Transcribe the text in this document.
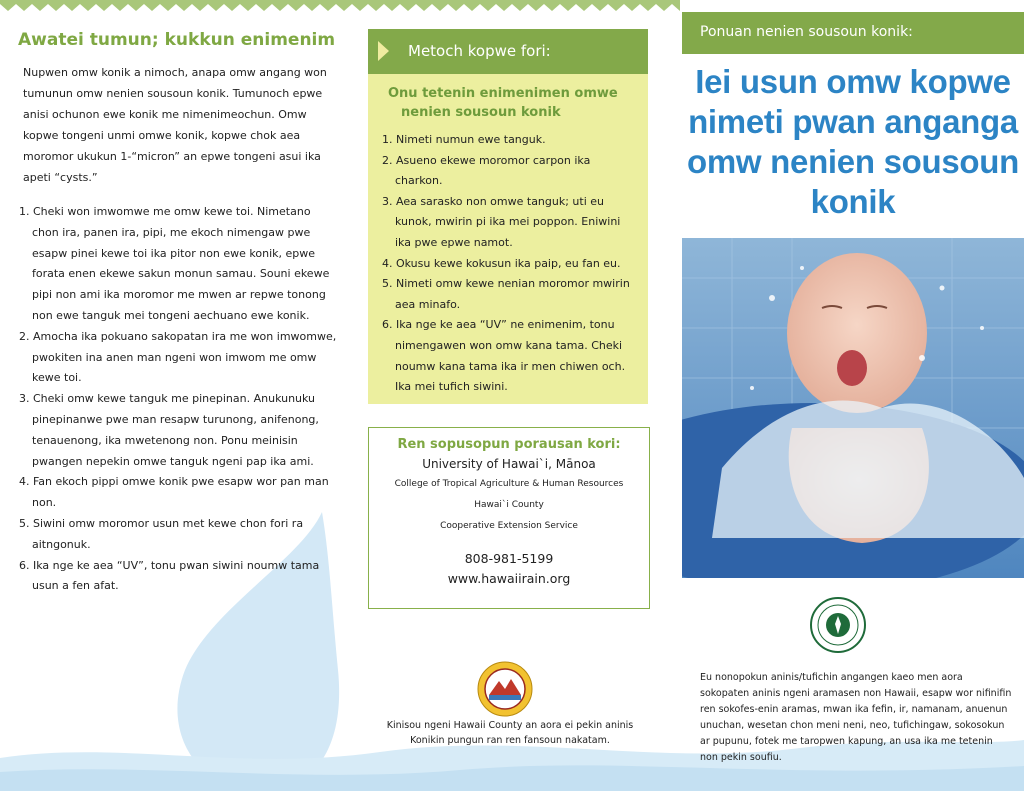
Awatei tumun; kukkun enimenim

Nupwen omw konik a nimoch, anapa omw angang won tumunun omw nenien sousoun konik. Tumunoch epwe anisi ochunon ewe konik me nimenimeochun. Omw kopwe tongeni unmi omwe konik, kopwe chok aea moromor ukukun 1-“micron” an epwe tongeni asui ika apeti “cysts.”

1. Cheki won imwomwe me omw kewe toi. Nimetano chon ira, panen ira, pipi, me ekoch nimengaw pwe esapw pinei kewe toi ika pitor non ewe konik, epwe forata enen ekewe sakun monun samau. Souni ekewe pipi non ami ika moromor me mwen ar repwe tonong non ewe tanguk mei tongeni aechuano ewe konik.
2. Amocha ika pokuano sakopatan ira me won imwomwe, pwokiten ina anen man ngeni won imwom me omw kewe toi.
3. Cheki omw kewe tanguk me pinepinan. Anukunuku pinepinanwe pwe man resapw turunong, anifenong, tenauenong, ika mwetenong non. Ponu meinisin pwangen nepekin omwe tanguk ngeni pap ika ami.
4. Fan ekoch pippi omwe konik pwe esapw wor pan man non.
5. Siwini omw moromor usun met kewe chon fori ra aitngonuk.
6. Ika nge ke aea “UV”, tonu pwan siwini noumw tama usun a fen afat.
Metoch kopwe fori:
Onu tetenin enimenimen omwe
nenien sousoun konik
1. Nimeti numun ewe tanguk.
2. Asueno ekewe moromor carpon ika charkon.
3. Aea sarasko non omwe tanguk; uti eu kunok, mwirin pi ika mei poppon. Eniwini ika pwe epwe namot.
4. Okusu kewe kokusun ika paip, eu fan eu.
5. Nimeti omw kewe nenian moromor mwirin aea minafo.
6. Ika nge ke aea “UV” ne enimenim, tonu nimengawen won omw kana tama. Cheki noumw kana tama ika ir men chiwen och. Ika mei tufich siwini.
Ren sopusopun porausan kori:
University of Hawai`i, Mānoa
College of Tropical Agriculture & Human Resources
Hawai`i County
Cooperative Extension Service
808-981-5199
www.hawaiirain.org
Kinisou ngeni Hawaii County an aora ei pekin aninis Konikin pungun ran ren fansoun nakatam.
Ponuan nenien sousoun konik:
Iei usun omw kopwe nimeti pwan anganga omw nenien sousoun konik
Eu nonopokun aninis/tufichin angangen kaeo men aora sokopaten aninis ngeni aramasen non Hawaii, esapw wor nifinifin ren sokofes-enin aramas, mwan ika fefin, ir, namanam, anuenun unuchan, wesetan chon meni neni, neo, tufichingaw, sokosokun ar pupunu, fotek me taropwen kapung, an usa ika me tetenin non pekin soufiu.
